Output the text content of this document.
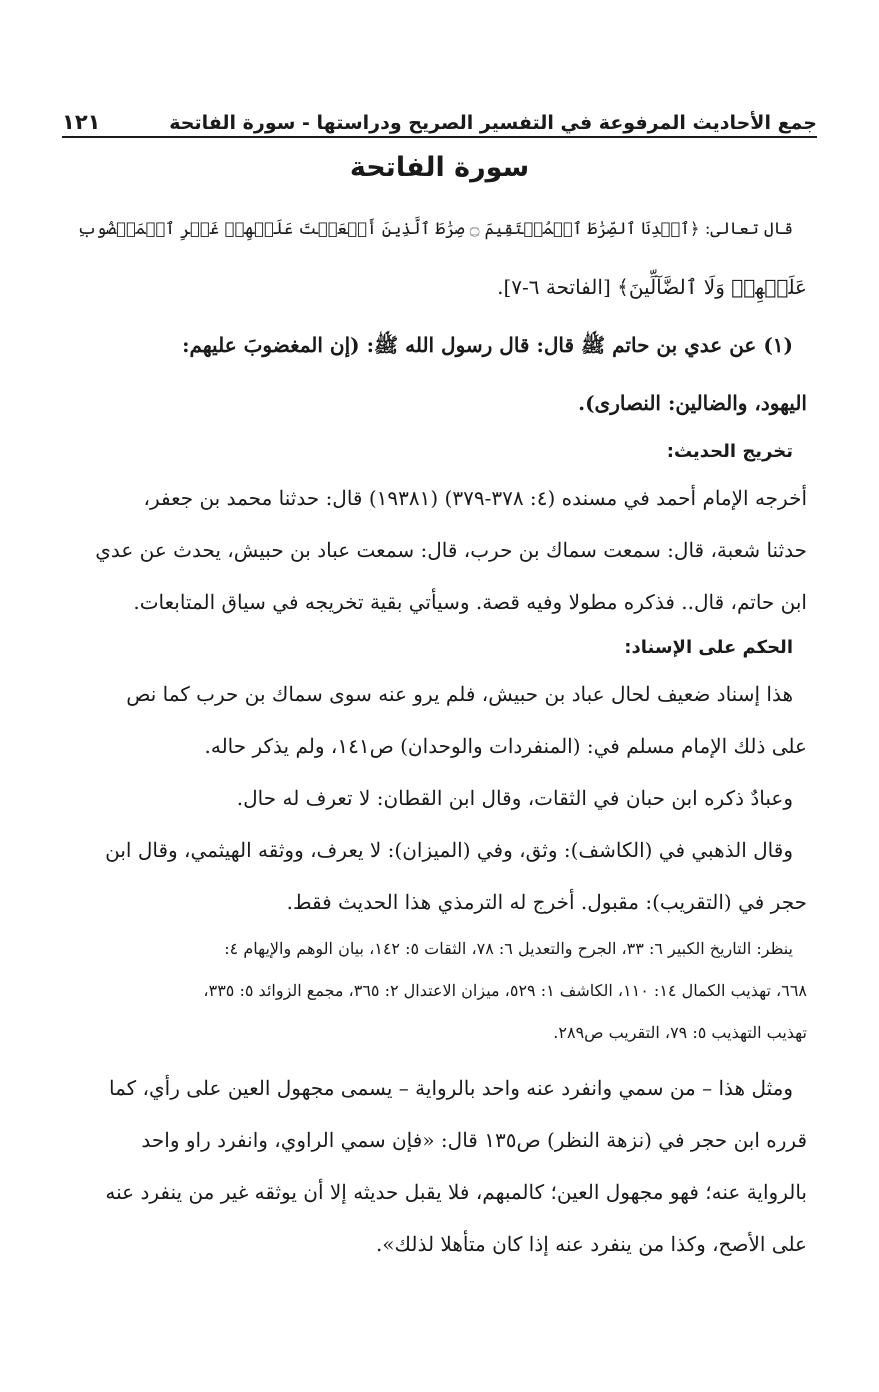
جمع الأحاديث المرفوعة في التفسير الصريح ودراستها - سورة الفاتحة
١٢١
سورة الفاتحة
قال تعالى: ﴿ٱهۡدِنَا ٱلصِّرَٰطَ ٱلۡمُسۡتَقِيمَ ۝ صِرَٰطَ ٱلَّذِينَ أَنۡعَمۡتَ عَلَيۡهِمۡ غَيۡرِ ٱلۡمَغۡضُوبِ
عَلَيۡهِمۡ وَلَا ٱلضَّآلِّينَ﴾ [الفاتحة ٦-٧].
(١) عن عدي بن حاتم ﷺ قال: قال رسول الله ﷺ: (إن المغضوبَ عليهم:
اليهود، والضالين: النصارى).
تخريج الحديث:
أخرجه الإمام أحمد في مسنده (٤: ٣٧٨-٣٧٩) (١٩٣٨١) قال: حدثنا محمد بن جعفر،
حدثنا شعبة، قال: سمعت سماك بن حرب، قال: سمعت عباد بن حبيش، يحدث عن عدي
ابن حاتم، قال.. فذكره مطولا وفيه قصة. وسيأتي بقية تخريجه في سياق المتابعات.
الحكم على الإسناد:
هذا إسناد ضعيف لحال عباد بن حبيش، فلم يرو عنه سوى سماك بن حرب كما نص
على ذلك الإمام مسلم في: (المنفردات والوحدان) ص١٤١، ولم يذكر حاله.
وعبادٌ ذكره ابن حبان في الثقات، وقال ابن القطان: لا تعرف له حال.
وقال الذهبي في (الكاشف): وثق، وفي (الميزان): لا يعرف، ووثقه الهيثمي، وقال ابن
حجر في (التقريب): مقبول. أخرج له الترمذي هذا الحديث فقط.
ينظر: التاريخ الكبير ٦: ٣٣، الجرح والتعديل ٦: ٧٨، الثقات ٥: ١٤٢، بيان الوهم والإيهام ٤:
٦٦٨، تهذيب الكمال ١٤: ١١٠، الكاشف ١: ٥٢٩، ميزان الاعتدال ٢: ٣٦٥، مجمع الزوائد ٥: ٣٣٥،
تهذيب التهذيب ٥: ٧٩، التقريب ص٢٨٩.
ومثل هذا – من سمي وانفرد عنه واحد بالرواية – يسمى مجهول العين على رأي، كما
قرره ابن حجر في (نزهة النظر) ص١٣٥ قال: «فإن سمي الراوي، وانفرد راو واحد
بالرواية عنه؛ فهو مجهول العين؛ كالمبهم، فلا يقبل حديثه إلا أن يوثقه غير من ينفرد عنه
على الأصح، وكذا من ينفرد عنه إذا كان متأهلا لذلك».
